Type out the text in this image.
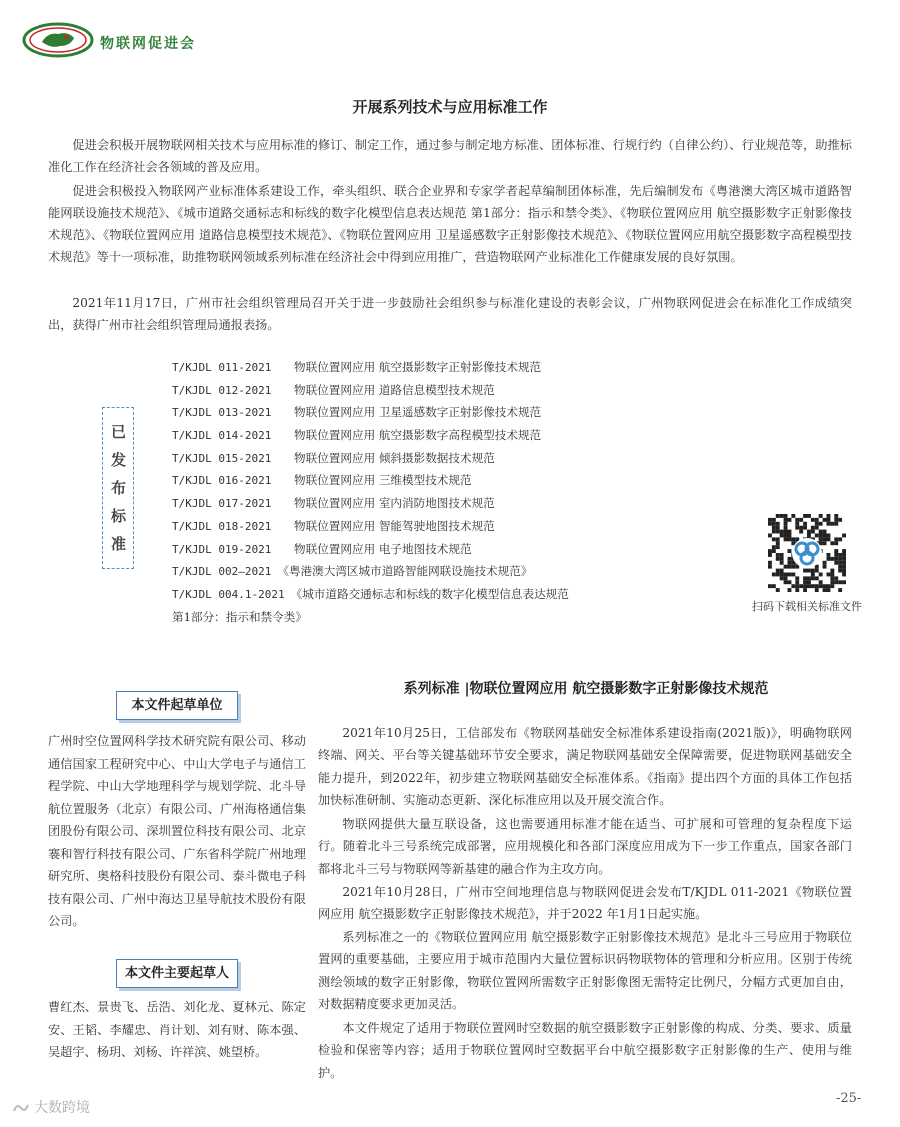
物联网促进会
开展系列技术与应用标准工作

促进会积极开展物联网相关技术与应用标准的修订、制定工作，通过参与制定地方标准、团体标准、行规行约（自律公约）、行业规范等，助推标准化工作在经济社会各领域的普及应用。

促进会积极投入物联网产业标准体系建设工作，牵头组织、联合企业界和专家学者起草编制团体标准，先后编制发布《粤港澳大湾区城市道路智能网联设施技术规范》、《城市道路交通标志和标线的数字化模型信息表达规范 第1部分：指示和禁令类》、《物联位置网应用 航空摄影数字正射影像技术规范》、《物联位置网应用 道路信息模型技术规范》、《物联位置网应用 卫星遥感数字正射影像技术规范》、《物联位置网应用航空摄影数字高程模型技术规范》等十一项标准，助推物联网领域系列标准在经济社会中得到应用推广，营造物联网产业标准化工作健康发展的良好氛围。

2021年11月17日，广州市社会组织管理局召开关于进一步鼓励社会组织参与标准化建设的表彰会议，广州物联网促进会在标准化工作成绩突出，获得广州市社会组织管理局通报表扬。

已
发
布
标
准
T/KJDL 011-2021 物联位置网应用 航空摄影数字正射影像技术规范
T/KJDL 012-2021 物联位置网应用 道路信息模型技术规范
T/KJDL 013-2021 物联位置网应用 卫星遥感数字正射影像技术规范
T/KJDL 014-2021 物联位置网应用 航空摄影数字高程模型技术规范
T/KJDL 015-2021 物联位置网应用 倾斜摄影数据技术规范
T/KJDL 016-2021 物联位置网应用 三维模型技术规范
T/KJDL 017-2021 物联位置网应用 室内消防地图技术规范
T/KJDL 018-2021 物联位置网应用 智能驾驶地图技术规范
T/KJDL 019-2021 物联位置网应用 电子地图技术规范
T/KJDL 002—2021 《粤港澳大湾区城市道路智能网联设施技术规范》
T/KJDL 004.1-2021 《城市道路交通标志和标线的数字化模型信息表达规范
第1部分：指示和禁令类》
扫码下载相关标准文件
本文件起草单位

广州时空位置网科学技术研究院有限公司、移动通信国家工程研究中心、中山大学电子与通信工程学院、中山大学地理科学与规划学院、北斗导航位置服务（北京）有限公司、广州海格通信集团股份有限公司、深圳置位科技有限公司、北京褰和智行科技有限公司、广东省科学院广州地理研究所、奥格科技股份有限公司、泰斗微电子科技有限公司、广州中海达卫星导航技术股份有限公司。

本文件主要起草人

曹红杰、景贵飞、岳浩、刘化龙、夏林元、陈定安、王韬、李耀忠、肖计划、刘有财、陈本强、吴超宇、杨玥、刘杨、许祥滨、姚望桥。

系列标准 |物联位置网应用 航空摄影数字正射影像技术规范

2021年10月25日，工信部发布《物联网基础安全标准体系建设指南(2021版)》，明确物联网终端、网关、平台等关键基础环节安全要求，满足物联网基础安全保障需要，促进物联网基础安全能力提升，到2022年，初步建立物联网基础安全标准体系。《指南》提出四个方面的具体工作包括加快标准研制、实施动态更新、深化标准应用以及开展交流合作。

物联网提供大量互联设备，这也需要通用标准才能在适当、可扩展和可管理的复杂程度下运行。随着北斗三号系统完成部署，应用规模化和各部门深度应用成为下一步工作重点，国家各部门都将北斗三号与物联网等新基建的融合作为主攻方向。

2021年10月28日，广州市空间地理信息与物联网促进会发布T/KJDL 011-2021《物联位置网应用 航空摄影数字正射影像技术规范》，并于2022 年1月1日起实施。

系列标准之一的《物联位置网应用 航空摄影数字正射影像技术规范》是北斗三号应用于物联位置网的重要基础，主要应用于城市范围内大量位置标识码物联物体的管理和分析应用。区别于传统测绘领域的数字正射影像，物联位置网所需数字正射影像图无需特定比例尺，分幅方式更加自由，对数据精度要求更加灵活。

本文件规定了适用于物联位置网时空数据的航空摄影数字正射影像的构成、分类、要求、质量检验和保密等内容；适用于物联位置网时空数据平台中航空摄影数字正射影像的生产、使用与维护。

-25-
大数跨境
